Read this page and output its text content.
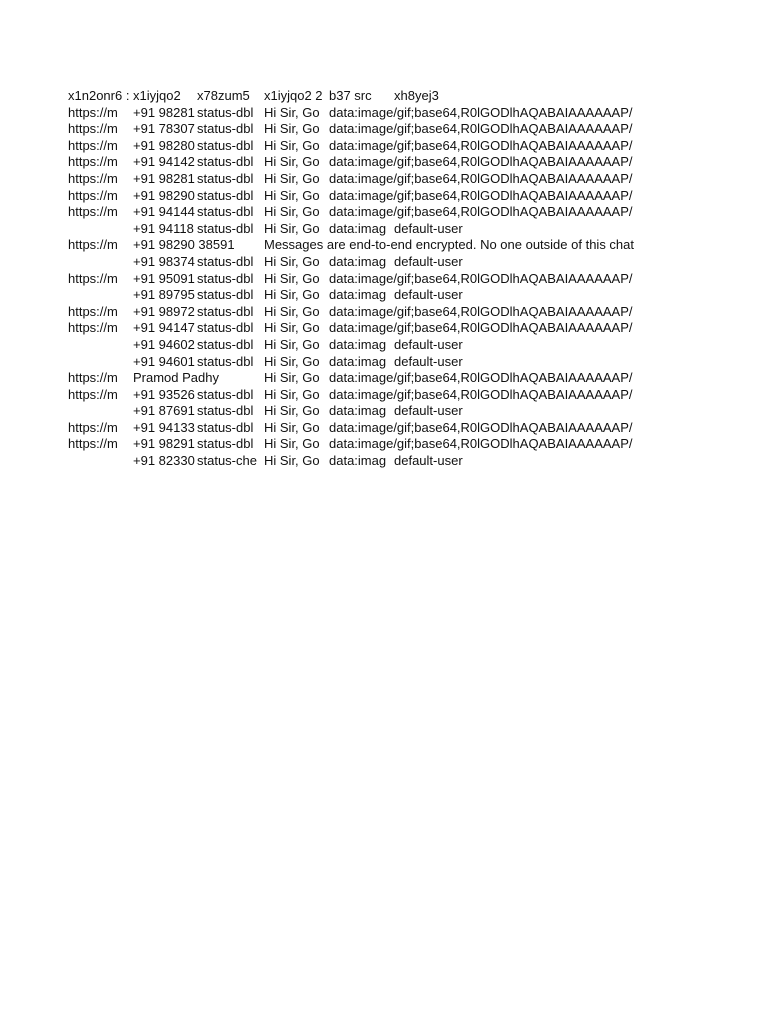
x1n2onr6 : x1iyjqo2	x78zum5	x1iyjqo2 2 b37 src	xh8yej3
https://m	+91 98281 status-dbl Hi Sir, Go data:image/gif;base64,R0lGODlhAQABAIAAAAAAP/
https://m	+91 78307 status-dbl Hi Sir, Go data:image/gif;base64,R0lGODlhAQABAIAAAAAAP/
https://m	+91 98280 status-dbl Hi Sir, Go data:image/gif;base64,R0lGODlhAQABAIAAAAAAP/
https://m	+91 94142 status-dbl Hi Sir, Go data:image/gif;base64,R0lGODlhAQABAIAAAAAAP/
https://m	+91 98281 status-dbl Hi Sir, Go data:image/gif;base64,R0lGODlhAQABAIAAAAAAP/
https://m	+91 98290 status-dbl Hi Sir, Go data:image/gif;base64,R0lGODlhAQABAIAAAAAAP/
https://m	+91 94144 status-dbl Hi Sir, Go data:image/gif;base64,R0lGODlhAQABAIAAAAAAP/
+91 94118 status-dbl Hi Sir, Go data:imag default-user
https://m	+91 98290 38591 Messages are end-to-end encrypted. No one outside of this chat
+91 98374 status-dbl Hi Sir, Go data:imag default-user
https://m	+91 95091 status-dbl Hi Sir, Go data:image/gif;base64,R0lGODlhAQABAIAAAAAAP/
+91 89795 status-dbl Hi Sir, Go data:imag default-user
https://m	+91 98972 status-dbl Hi Sir, Go data:image/gif;base64,R0lGODlhAQABAIAAAAAAP/
https://m	+91 94147 status-dbl Hi Sir, Go data:image/gif;base64,R0lGODlhAQABAIAAAAAAP/
+91 94602 status-dbl Hi Sir, Go data:imag default-user
+91 94601 status-dbl Hi Sir, Go data:imag default-user
https://m	Pramod Padhy	Hi Sir, Go data:image/gif;base64,R0lGODlhAQABAIAAAAAAP/
https://m	+91 93526 status-dbl Hi Sir, Go data:image/gif;base64,R0lGODlhAQABAIAAAAAAP/
+91 87691 status-dbl Hi Sir, Go data:imag default-user
https://m	+91 94133 status-dbl Hi Sir, Go data:image/gif;base64,R0lGODlhAQABAIAAAAAAP/
https://m	+91 98291 status-dbl Hi Sir, Go data:image/gif;base64,R0lGODlhAQABAIAAAAAAP/
+91 82330 status-che Hi Sir, Go data:imag default-user
